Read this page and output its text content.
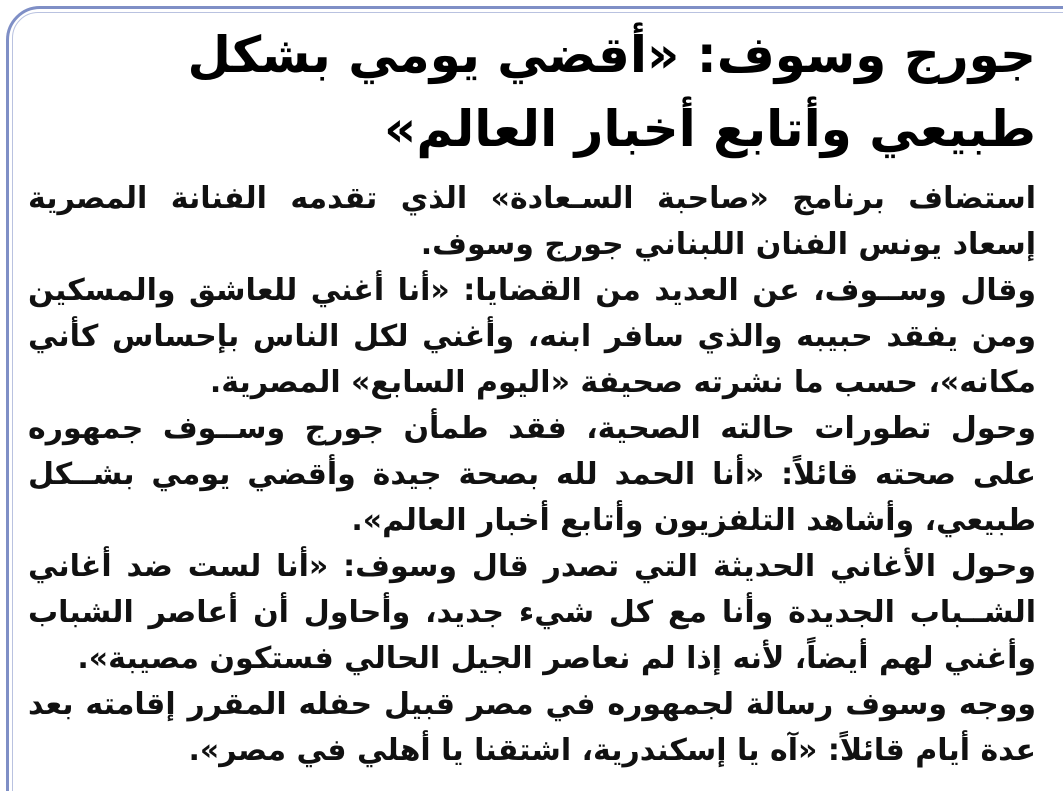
جورج وسوف: «أقضي يومي بشكل طبيعي وأتابع أخبار العالم»

استضاف برنامج «صاحبة السـعادة» الذي تقدمه الفنانة المصرية إسعاد يونس الفنان اللبناني جورج وسوف.

وقال وســوف، عن العديد من القضايا: «أنا أغني للعاشق والمسكين ومن يفقد حبيبه والذي سافر ابنه، وأغني لكل الناس بإحساس كأني مكانه»، حسب ما نشرته صحيفة «اليوم السابع» المصرية.

وحول تطورات حالته الصحية، فقد طمأن جورج وســوف جمهوره على صحته قائلاً: «أنا الحمد لله بصحة جيدة وأقضي يومي بشــكل طبيعي، وأشاهد التلفزيون وأتابع أخبار العالم».

وحول الأغاني الحديثة التي تصدر قال وسوف: «أنا لست ضد أغاني الشــباب الجديدة وأنا مع كل شيء جديد، وأحاول أن أعاصر الشباب وأغني لهم أيضاً، لأنه إذا لم نعاصر الجيل الحالي فستكون مصيبة».

ووجه وسوف رسالة لجمهوره في مصر قبيل حفله المقرر إقامته بعد عدة أيام قائلاً: «آه يا إسكندرية، اشتقنا يا أهلي في مصر».
